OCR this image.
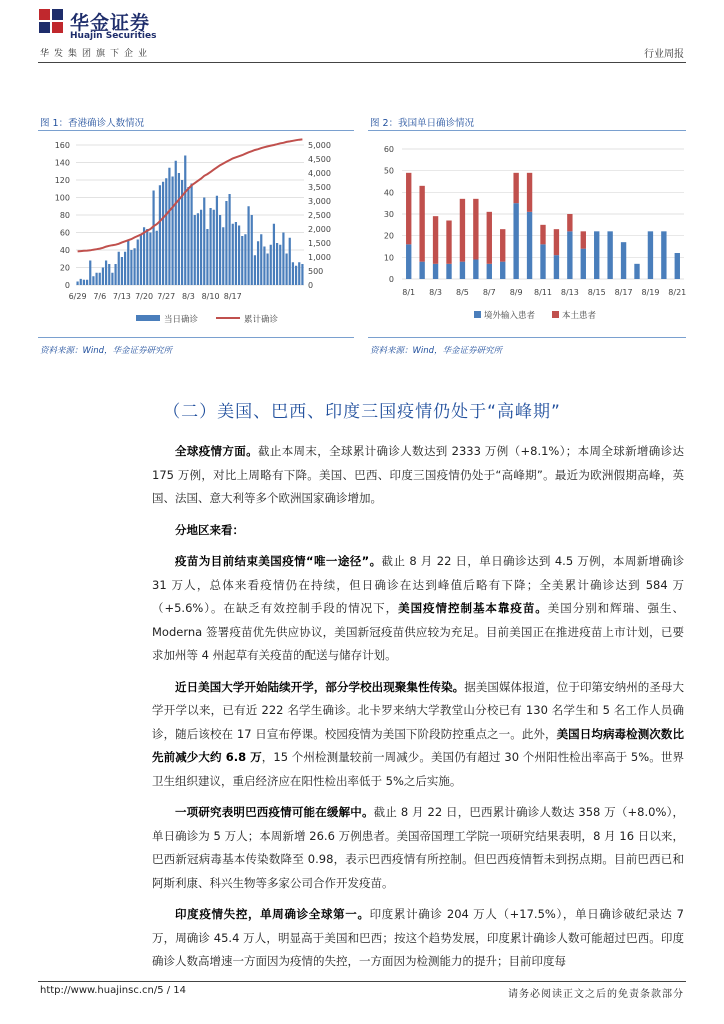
华金证券
Huajin Securities
华发集团旗下企业	行业周报
图 1：香港确诊人数情况	图 2：我国单日确诊情况
0
20
40
60
80
100
120
140
160
0
500
1,000
1,500
2,000
2,500
3,000
3,500
4,000
4,500
5,000
6/29 7/6 7/13 7/20 7/27 8/3 8/10 8/17
当日确诊	累计确诊
0
10
20
30
40
50
60
8/1 8/3 8/5 8/7 8/9 8/11 8/13 8/15 8/17 8/19 8/21
境外输入患者	本土患者
资料来源：Wind，华金证券研究所	资料来源：Wind，华金证券研究所
（二）美国、巴西、印度三国疫情仍处于“高峰期”

全球疫情方面。截止本周末，全球累计确诊人数达到 2333 万例（+8.1%）；本周全球新增确诊达 175 万例，对比上周略有下降。美国、巴西、印度三国疫情仍处于“高峰期”。最近为欧洲假期高峰，英国、法国、意大利等多个欧洲国家确诊增加。

分地区来看：

疫苗为目前结束美国疫情“唯一途径”。截止 8 月 22 日，单日确诊达到 4.5 万例，本周新增确诊 31 万人，总体来看疫情仍在持续，但日确诊在达到峰值后略有下降；全美累计确诊达到 584 万（+5.6%）。在缺乏有效控制手段的情况下，美国疫情控制基本靠疫苗。美国分别和辉瑞、强生、Moderna 签署疫苗优先供应协议，美国新冠疫苗供应较为充足。目前美国正在推进疫苗上市计划，已要求加州等 4 州起草有关疫苗的配送与储存计划。

近日美国大学开始陆续开学，部分学校出现聚集性传染。据美国媒体报道，位于印第安纳州的圣母大学开学以来，已有近 222 名学生确诊。北卡罗来纳大学教堂山分校已有 130 名学生和 5 名工作人员确诊，随后该校在 17 日宣布停课。校园疫情为美国下阶段防控重点之一。此外，美国日均病毒检测次数比先前减少大约 6.8 万，15 个州检测量较前一周减少。美国仍有超过 30 个州阳性检出率高于 5%。世界卫生组织建议，重启经济应在阳性检出率低于 5%之后实施。

一项研究表明巴西疫情可能在缓解中。截止 8 月 22 日，巴西累计确诊人数达 358 万（+8.0%），单日确诊为 5 万人；本周新增 26.6 万例患者。美国帝国理工学院一项研究结果表明，8 月 16 日以来，巴西新冠病毒基本传染数降至 0.98，表示巴西疫情有所控制。但巴西疫情暂未到拐点期。目前巴西已和阿斯利康、科兴生物等多家公司合作开发疫苗。

印度疫情失控，单周确诊全球第一。印度累计确诊 204 万人（+17.5%），单日确诊破纪录达 7 万，周确诊 45.4 万人，明显高于美国和巴西；按这个趋势发展，印度累计确诊人数可能超过巴西。印度确诊人数高增速一方面因为疫情的失控，一方面因为检测能力的提升；目前印度每

http://www.huajinsc.cn/5 / 14	请务必阅读正文之后的免责条款部分
